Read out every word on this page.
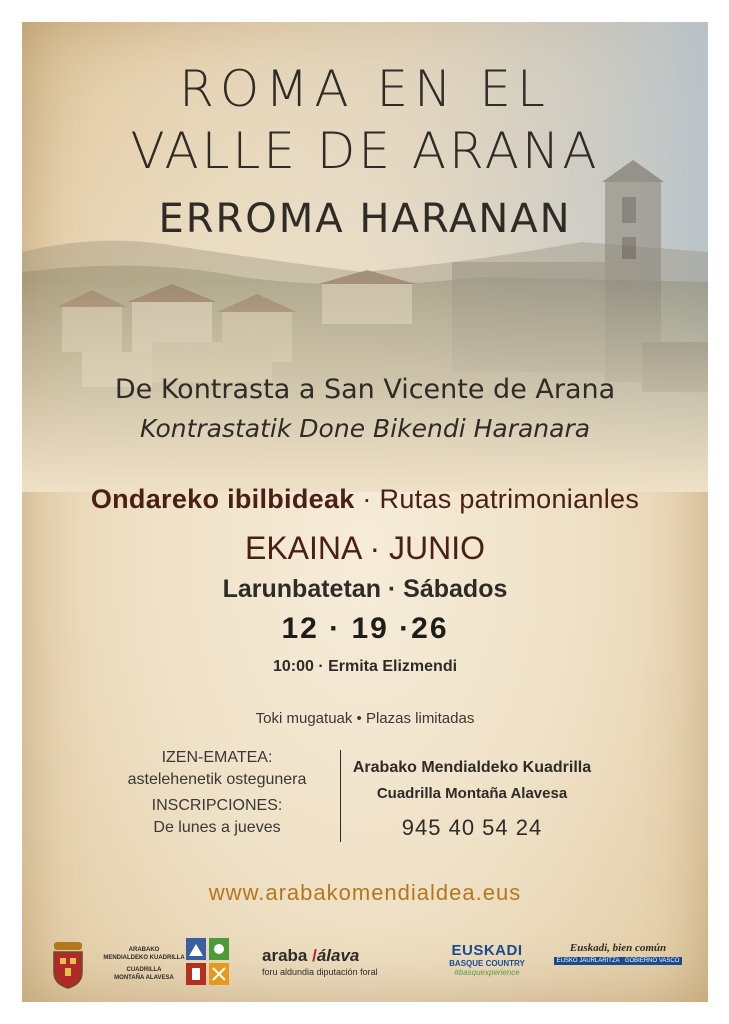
ROMA EN EL

VALLE DE ARANA

ERROMA HARANAN

De Kontrasta a San Vicente de Arana

Kontrastatik Done Bikendi Haranara

Ondareko ibilbideak · Rutas patrimonianles

EKAINA · JUNIO

Larunbatetan · Sábados

12 · 19 ·26

10:00 · Ermita Elizmendi

Toki mugatuak • Plazas limitadas

IZEN-EMATEA:
astelehenetik ostegunera
INSCRIPCIONES:
De lunes a jueves
Arabako Mendialdeko Kuadrilla
Cuadrilla Montaña Alavesa
945 40 54 24

www.arabakomendialdea.eus

ARABAKO
MENDIALDEKO KUADRILLA
CUADRILLA
MONTAÑA ALAVESA
araba /álava
foru aldundia diputación foral
EUSKADI
BASQUE COUNTRY
#basquexperience
Euskadi, bien común
EUSKO JAURLARITZA GOBIERNO VASCO
